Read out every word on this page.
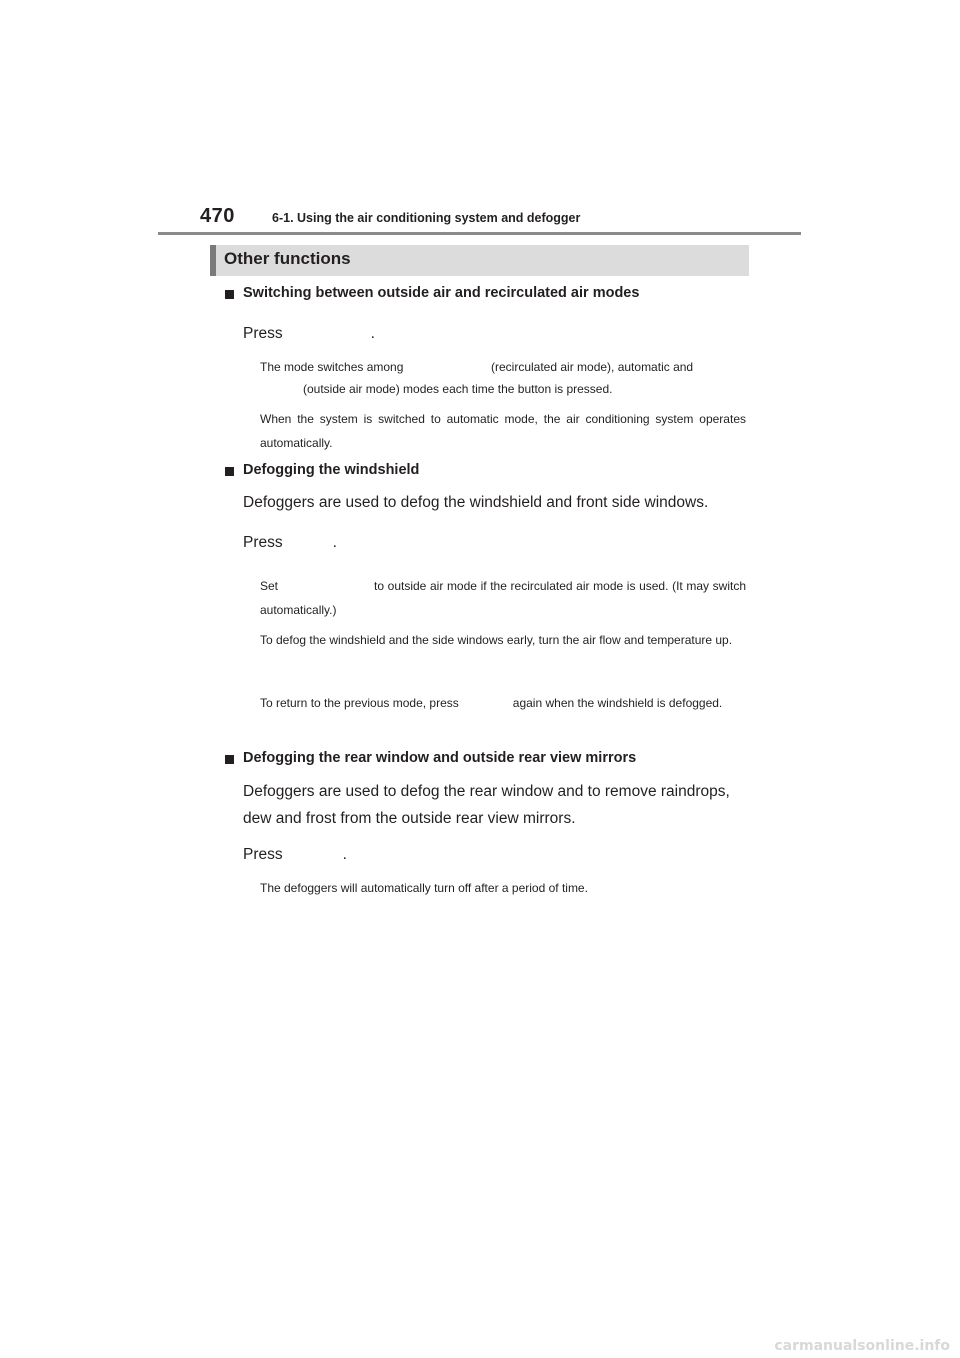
470	6-1. Using the air conditioning system and defogger
Other functions
Switching between outside air and recirculated air modes
Press	.
The mode switches among	(recirculated air mode), automatic and
(outside air mode) modes each time the button is pressed.
When the system is switched to automatic mode, the air conditioning system operates automatically.
Defogging the windshield
Defoggers are used to defog the windshield and front side windows.
Press	.
Set	to outside air mode if the recirculated air mode is used. (It may switch automatically.)
To defog the windshield and the side windows early, turn the air flow and temperature up.
To return to the previous mode, press	again when the windshield is defogged.
Defogging the rear window and outside rear view mirrors
Defoggers are used to defog the rear window and to remove raindrops, dew and frost from the outside rear view mirrors.
Press	.
The defoggers will automatically turn off after a period of time.
carmanualsonline.info
